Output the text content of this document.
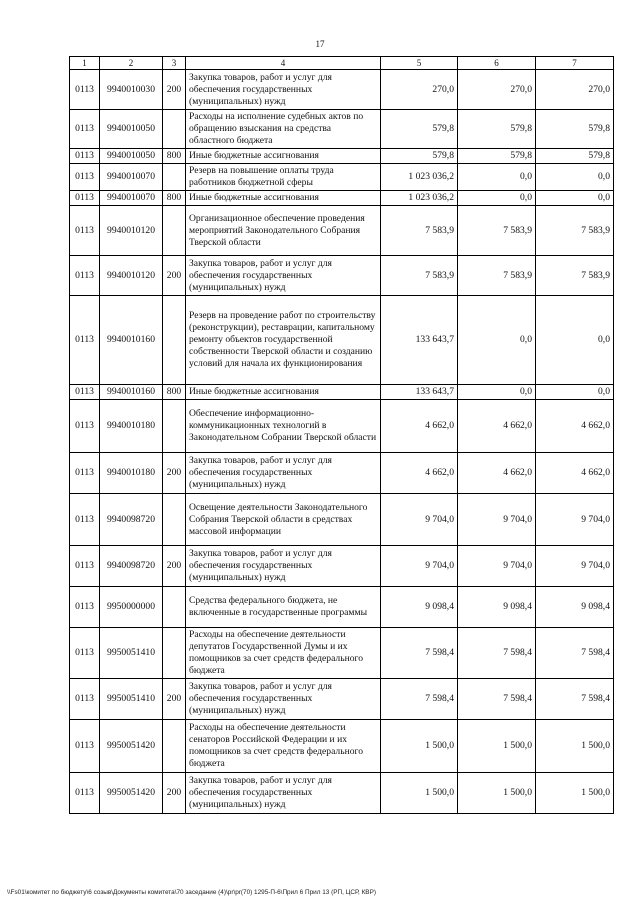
17
1	2	3	4	5	6	7
0113	9940010030	200	Закупка товаров, работ и услуг для обеспечения государственных (муниципальных) нужд	270,0	270,0	270,0
0113	9940010050		Расходы на исполнение судебных актов по обращению взыскания на средства областного бюджета	579,8	579,8	579,8
0113	9940010050	800	Иные бюджетные ассигнования	579,8	579,8	579,8
0113	9940010070		Резерв на повышение оплаты труда работников бюджетной сферы	1 023 036,2	0,0	0,0
0113	9940010070	800	Иные бюджетные ассигнования	1 023 036,2	0,0	0,0
0113	9940010120		Организационное обеспечение проведения мероприятий Законодательного Собрания Тверской области	7 583,9	7 583,9	7 583,9
0113	9940010120	200	Закупка товаров, работ и услуг для обеспечения государственных (муниципальных) нужд	7 583,9	7 583,9	7 583,9
0113	9940010160		Резерв на проведение работ по строительству (реконструкции), реставрации, капитальному ремонту объектов государственной собственности Тверской области и созданию условий для начала их функционирования	133 643,7	0,0	0,0
0113	9940010160	800	Иные бюджетные ассигнования	133 643,7	0,0	0,0
0113	9940010180		Обеспечение информационно-коммуникационных технологий в Законодательном Собрании Тверской области	4 662,0	4 662,0	4 662,0
0113	9940010180	200	Закупка товаров, работ и услуг для обеспечения государственных (муниципальных) нужд	4 662,0	4 662,0	4 662,0
0113	9940098720		Освещение деятельности Законодательного Собрания Тверской области в средствах массовой информации	9 704,0	9 704,0	9 704,0
0113	9940098720	200	Закупка товаров, работ и услуг для обеспечения государственных (муниципальных) нужд	9 704,0	9 704,0	9 704,0
0113	9950000000		Средства федерального бюджета, не включенные в государственные программы	9 098,4	9 098,4	9 098,4
0113	9950051410		Расходы на обеспечение деятельности депутатов Государственной Думы и их помощников за счет средств федерального бюджета	7 598,4	7 598,4	7 598,4
0113	9950051410	200	Закупка товаров, работ и услуг для обеспечения государственных (муниципальных) нужд	7 598,4	7 598,4	7 598,4
0113	9950051420		Расходы на обеспечение деятельности сенаторов Российской Федерации и их помощников за счет средств федерального бюджета	1 500,0	1 500,0	1 500,0
0113	9950051420	200	Закупка товаров, работ и услуг для обеспечения государственных (муниципальных) нужд	1 500,0	1 500,0	1 500,0
\\Fs01\комитет по бюджету\6 созыв\Документы комитета\70 заседание (4)\pr\pr(70) 1295-П-6\Прил 6 Прил 13 (РП, ЦСР, КВР)
